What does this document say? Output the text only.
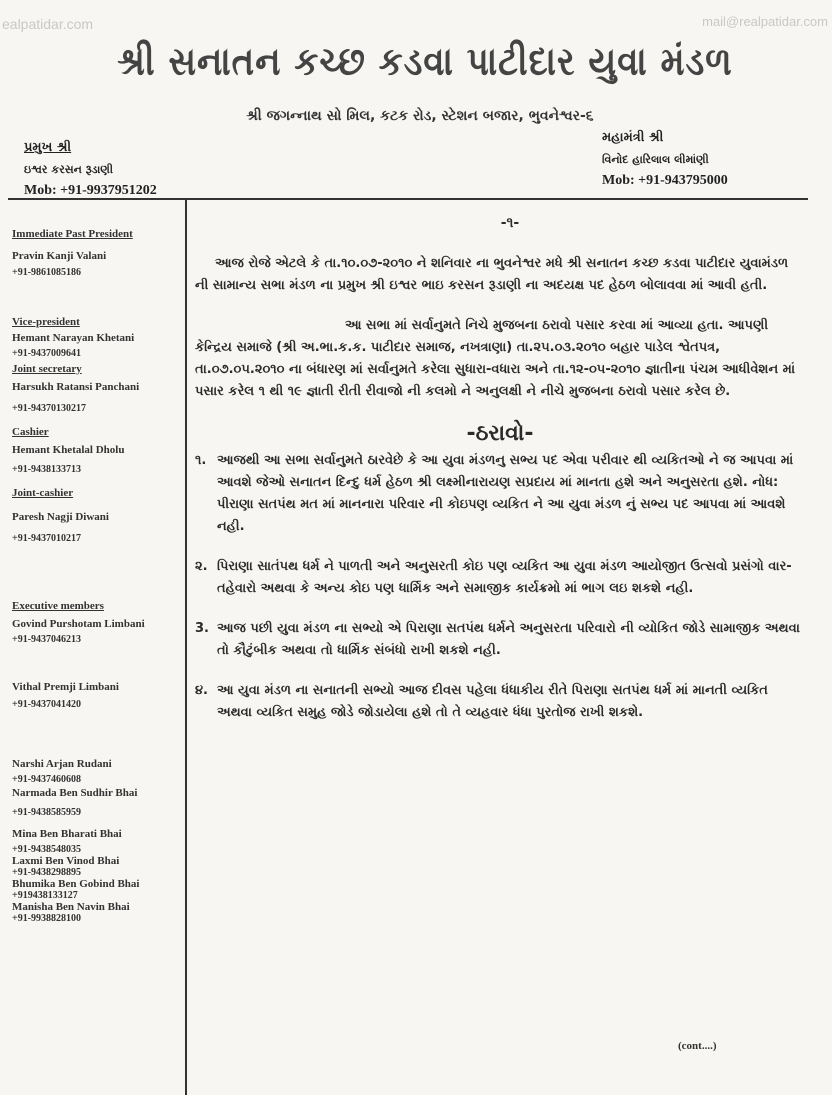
ealpatidar.com	mail@realpatidar.com
શ્રી સનાતન કચ્છ કડવા પાટીદાર યુવા મંડળ
શ્રી જગન્નાથ સો મિલ, કટક રોડ, સ્ટેશન બજાર, ભુવનેશ્વર-૬
પ્રમુખ શ્રી
ઇશ્વર કરસન રૂડાણી
Mob: +91-9937951202
મહામંત્રી શ્રી
વિનોદ હારિલાલ લીમાંણી
Mob: +91-943795000
Immediate Past President
Pravin Kanji Valani
+91-9861085186
Vice-president
Hemant Narayan Khetani
+91-9437009641
Joint secretary
Harsukh Ratansi Panchani
+91-94370130217
Cashier
Hemant Khetalal Dholu
+91-9438133713
Joint-cashier
Paresh Nagji Diwani
+91-9437010217
Executive members
Govind Purshotam Limbani
+91-9437046213
Vithal Premji Limbani
+91-9437041420
Narshi Arjan Rudani
+91-9437460608
Narmada Ben Sudhir Bhai
+91-9438585959
Mina Ben Bharati Bhai
+91-9438548035
Laxmi Ben Vinod Bhai
+91-9438298895
Bhumika Ben Gobind Bhai
+919438133127
Manisha Ben Navin Bhai
+91-9938828100
-૧-
આજ રોજે એટલે કે તા.૧૦.૦૭-૨૦૧૦ ને શનિવાર ના ભુવનેશ્વર મધે શ્રી સનાતન કચ્છ કડવા પાટીદાર યુવામંડળ ની સામાન્ય સભા મંડળ ના પ્રમુખ શ્રી ઇશ્વર ભાઇ કરસન રૂડાણી ના અદયક્ષ પદ હેઠળ બોલાવવા માં આવી હતી.
આ સભા માં સર્વાનુમતે નિચે મુજબના ઠરાવો પસાર કરવા માં આવ્યા હતા. આપણી કેન્દ્રિય સમાજે (શ્રી અ.ભા.ક.ક. પાટીદાર સમાજ, નખત્રાણા) તા.૨૫.૦૩.૨૦૧૦ બહાર પાડેલ શ્વેતપત્ર, તા.૦૭.૦૫.૨૦૧૦ ના બંધારણ માં સર્વાનુમતે કરેલા સુધારા-વધારા અને તા.૧૨-૦૫-૨૦૧૦ જ્ઞાતીના પંચમ આધીવેશન માં પસાર કરેલ ૧ થી ૧૯ જ્ઞાતી રીતી રીવાજો ની કલમો ને અનુલક્ષી ને નીચે મુજબના ઠરાવો પસાર કરેલ છે.
-ઠરાવો-
૧. આજથી આ સભા સર્વાનુમતે ઠારવેછે કે આ યુવા મંડળનુ સભ્ય પદ એવા પરીવાર થી વ્યકિતઓ ને જ આપવા માં આવશે જેઓ સનાતન દિન્દુ ધર્મ હેઠળ શ્રી લક્ષ્મીનારાયણ સપ્રદાય માં માનતા હશે અને અનુસરતા હશે. નોધ: પીરાણા સતપંથ મત માં માનનારા પરિવાર ની કોઇપણ વ્યકિત ને આ યુવા મંડળ નું સભ્ય પદ આપવા માં આવશે નહી.
૨. પિરાણા સાતંપથ ધર્મ ને પાળતી અને અનુસરતી કોઇ પણ વ્યકિત આ યુવા મંડળ આયોજીત ઉત્સવો પ્રસંગો વાર-તહેવારો અથવા કે અન્ય કોઇ પણ ધાર્મિક અને સમાજીક કાર્યક્રમો માં ભાગ લઇ શકશે નહી.
3. આજ પછી યુવા મંડળ ના સભ્યો એ પિરાણા સતપંથ ધર્મને અનુસરતા પરિવારો ની વ્યોકિત જોડે સામાજીક અથવા તો કૌટુંબીક અથવા તો ધાર્મિક સંબંધો રાખી શકશે નહી.
૪. આ યુવા મંડળ ના સનાતની સભ્યો આજ દીવસ પહેલા ધંધાકીય રીતે પિરાણા સતપંથ ધર્મ માં માનતી વ્યકિત અથવા વ્યકિત સમુહ જોડે જોડાયેલા હશે તો તે વ્યહવાર ધંધા પુરતોજ રાખી શકશે.
(cont....)
